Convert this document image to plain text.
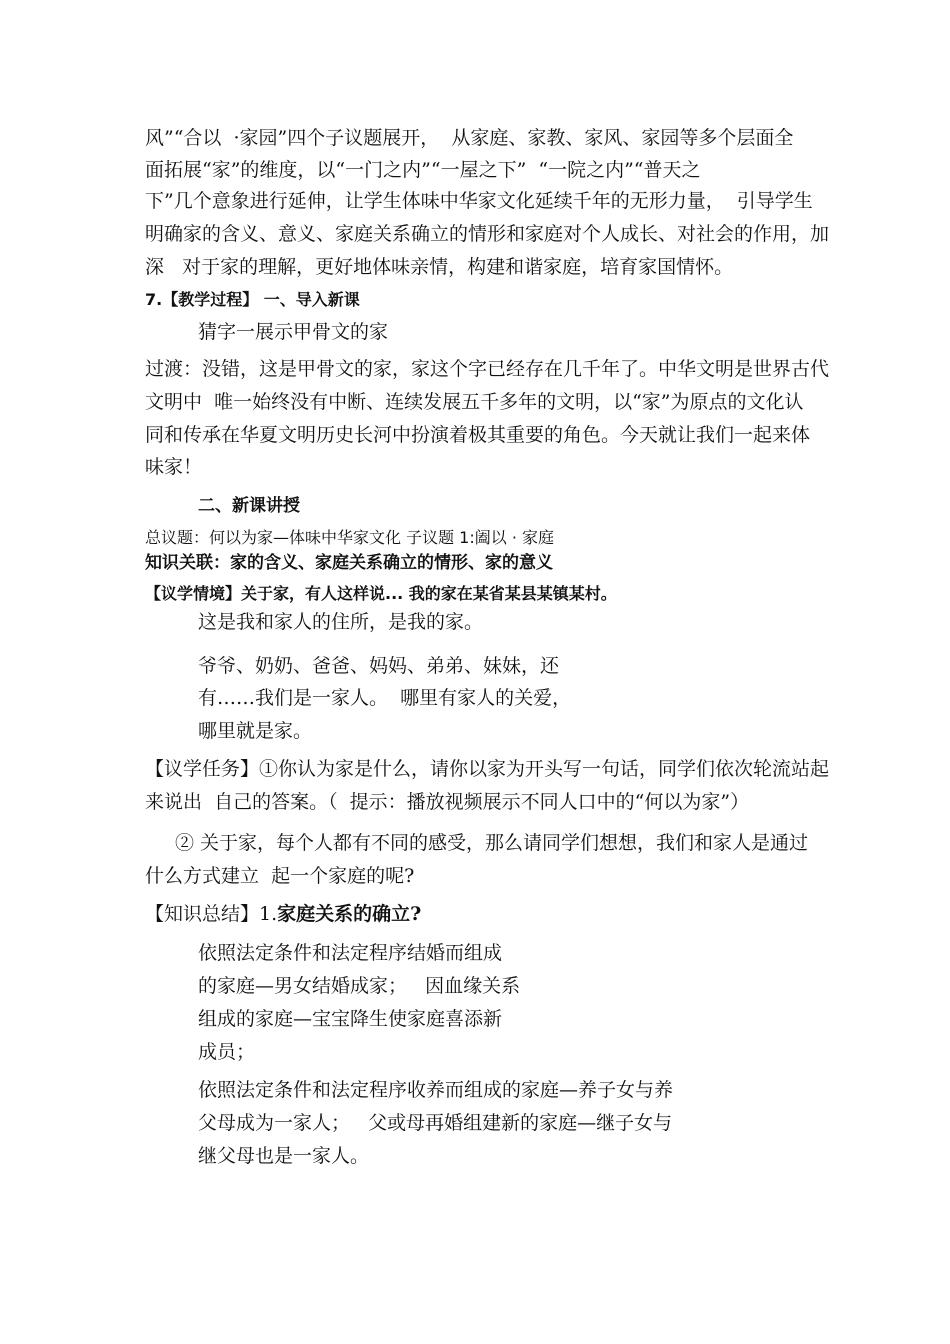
风”“合以  ·家园”四个子议题展开，  从家庭、家教、家风、家园等多个层面全
面拓展“家”的维度，以“一门之内”“一屋之下”  “一院之内”“普天之
下”几个意象进行延伸，让学生体味中华家文化延续千年的无形力量，  引导学生
明确家的含义、意义、家庭关系确立的情形和家庭对个人成长、对社会的作用，加
深   对于家的理解，更好地体味亲情，构建和谐家庭，培育家国情怀。
7.【教学过程】 一、导入新课
猜字一展示甲骨文的家
过渡：没错，这是甲骨文的家，家这个字已经存在几千年了。中华文明是世界古代
文明中  唯一始终没有中断、连续发展五千多年的文明，以“家”为原点的文化认
同和传承在华夏文明历史长河中扮演着极其重要的角色。今天就让我们一起来体
味家！
二、新课讲授
总议题：何以为家—体味中华家文化 子议题 1:阖以 · 家庭
知识关联：家的含义、家庭关系确立的情形、家的意义
【议学情境】关于家，有人这样说... 我的家在某省某县某镇某村。
这是我和家人的住所，是我的家。
爷爷、奶奶、爸爸、妈妈、弟弟、妹妹，还
有……我们是一家人。  哪里有家人的关爱，
哪里就是家。
【议学任务】①你认为家是什么，请你以家为开头写一句话，同学们依次轮流站起
来说出  自己的答案。（  提示：播放视频展示不同人口中的“何以为家”）
② 关于家，每个人都有不同的感受，那么请同学们想想，我们和家人是通过
什么方式建立  起一个家庭的呢?
【知识总结】1.家庭关系的确立?
依照法定条件和法定程序结婚而组成
的家庭—男女结婚成家；   因血缘关系
组成的家庭—宝宝降生使家庭喜添新
成员；
依照法定条件和法定程序收养而组成的家庭—养子女与养
父母成为一家人；   父或母再婚组建新的家庭—继子女与
继父母也是一家人。
